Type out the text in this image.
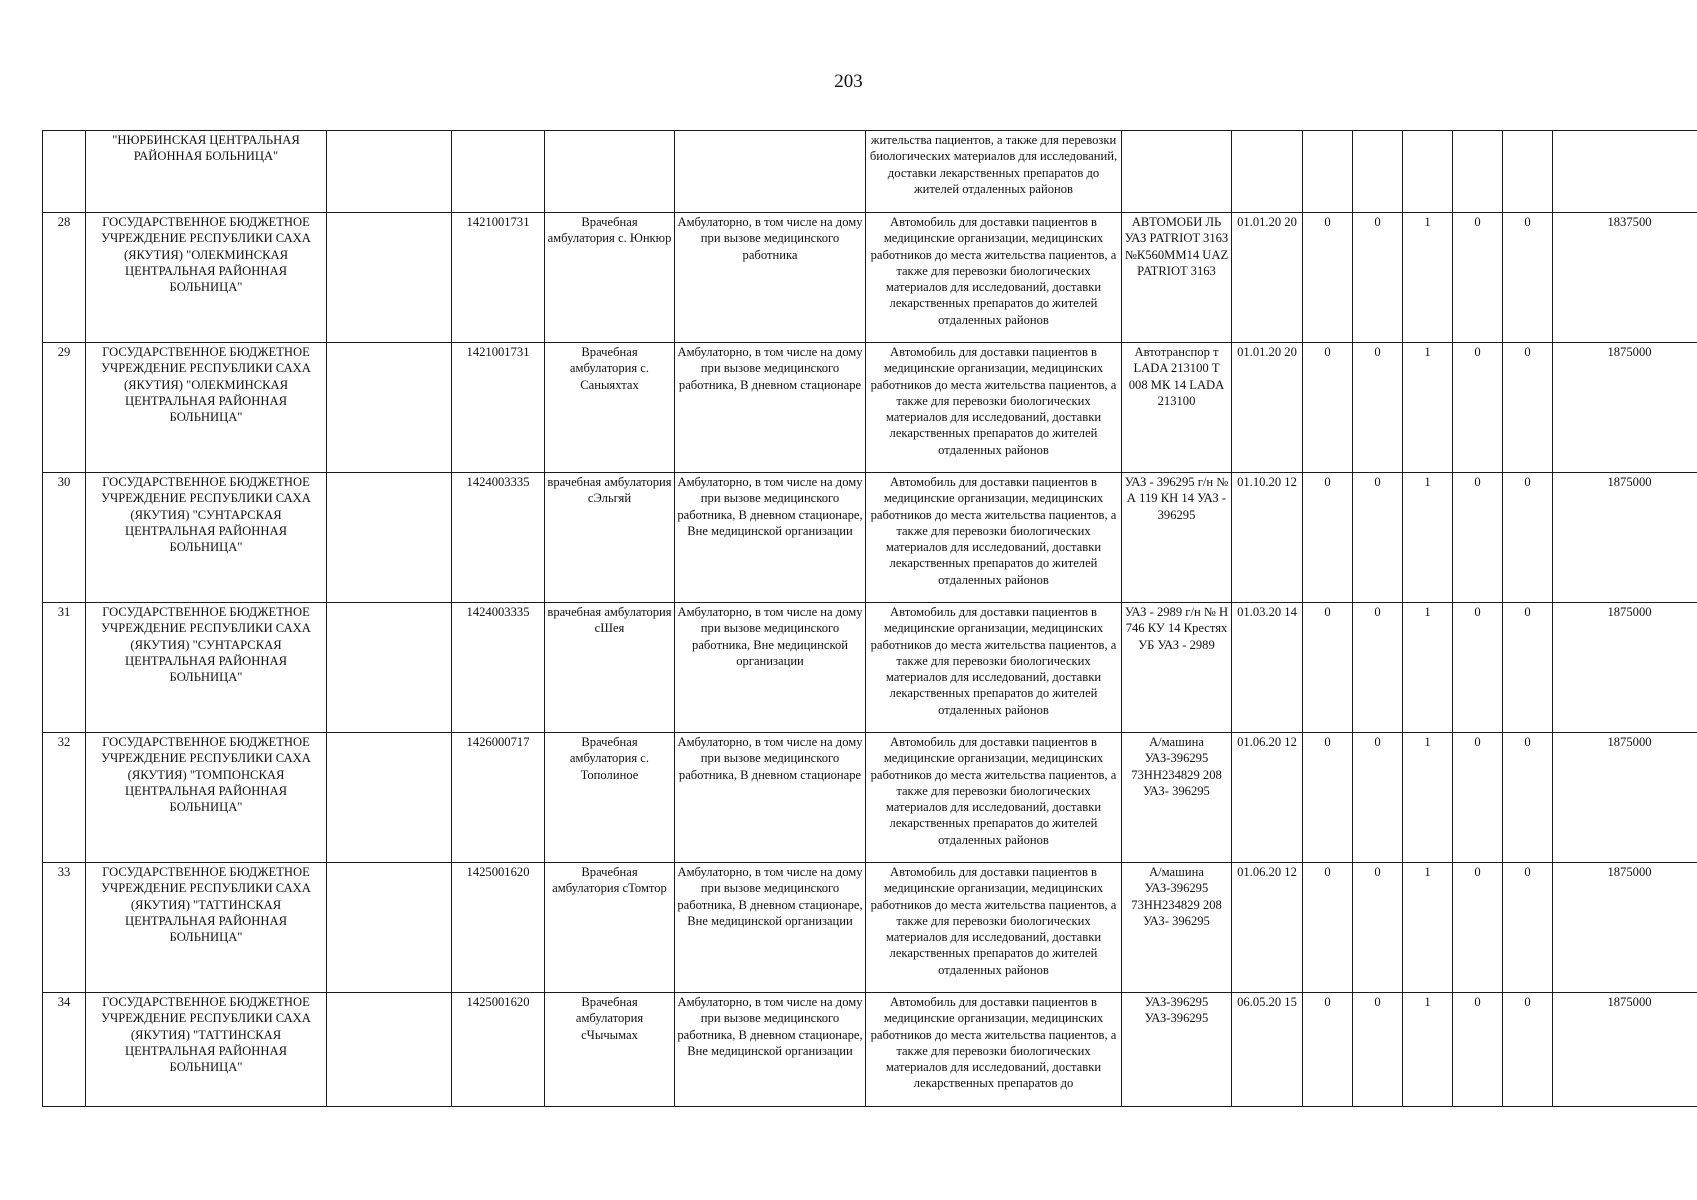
203
	"НЮРБИНСКАЯ ЦЕНТРАЛЬНАЯ РАЙОННАЯ БОЛЬНИЦА"					жительства пациентов, а также для перевозки биологических материалов для исследований, доставки лекарственных препаратов до жителей отдаленных районов								
28	ГОСУДАРСТВЕННОЕ БЮДЖЕТНОЕ УЧРЕЖДЕНИЕ РЕСПУБЛИКИ САХА (ЯКУТИЯ) "ОЛЕКМИНСКАЯ ЦЕНТРАЛЬНАЯ РАЙОННАЯ БОЛЬНИЦА"		1421001731	Врачебная амбулатория с. Юнкюр	Амбулаторно, в том числе на дому при вызове медицинского работника	Автомобиль для доставки пациентов в медицинские организации, медицинских работников до места жительства пациентов, а также для перевозки биологических материалов для исследований, доставки лекарственных препаратов до жителей отдаленных районов	АВТОМОБИ ЛЬ УАЗ PATRIOT 3163 №К560ММ14 UAZ PATRIOT 3163	01.01.20 20	0	0	1	0	0	1837500
29	ГОСУДАРСТВЕННОЕ БЮДЖЕТНОЕ УЧРЕЖДЕНИЕ РЕСПУБЛИКИ САХА (ЯКУТИЯ) "ОЛЕКМИНСКАЯ ЦЕНТРАЛЬНАЯ РАЙОННАЯ БОЛЬНИЦА"		1421001731	Врачебная амбулатория с. Саныяхтах	Амбулаторно, в том числе на дому при вызове медицинского работника, В дневном стационаре	Автомобиль для доставки пациентов в медицинские организации, медицинских работников до места жительства пациентов, а также для перевозки биологических материалов для исследований, доставки лекарственных препаратов до жителей отдаленных районов	Автотранспор т LADA 213100 Т 008 МК 14 LADA 213100	01.01.20 20	0	0	1	0	0	1875000
30	ГОСУДАРСТВЕННОЕ БЮДЖЕТНОЕ УЧРЕЖДЕНИЕ РЕСПУБЛИКИ САХА (ЯКУТИЯ) "СУНТАРСКАЯ ЦЕНТРАЛЬНАЯ РАЙОННАЯ БОЛЬНИЦА"		1424003335	врачебная амбулатория сЭльгяй	Амбулаторно, в том числе на дому при вызове медицинского работника, В дневном стационаре, Вне медицинской организации	Автомобиль для доставки пациентов в медицинские организации, медицинских работников до места жительства пациентов, а также для перевозки биологических материалов для исследований, доставки лекарственных препаратов до жителей отдаленных районов	УАЗ - 396295 г/н № А 119 КН 14 УАЗ - 396295	01.10.20 12	0	0	1	0	0	1875000
31	ГОСУДАРСТВЕННОЕ БЮДЖЕТНОЕ УЧРЕЖДЕНИЕ РЕСПУБЛИКИ САХА (ЯКУТИЯ) "СУНТАРСКАЯ ЦЕНТРАЛЬНАЯ РАЙОННАЯ БОЛЬНИЦА"		1424003335	врачебная амбулатория сШея	Амбулаторно, в том числе на дому при вызове медицинского работника, Вне медицинской организации	Автомобиль для доставки пациентов в медицинские организации, медицинских работников до места жительства пациентов, а также для перевозки биологических материалов для исследований, доставки лекарственных препаратов до жителей отдаленных районов	УАЗ - 2989 г/н № Н 746 КУ 14 Крестях УБ УАЗ - 2989	01.03.20 14	0	0	1	0	0	1875000
32	ГОСУДАРСТВЕННОЕ БЮДЖЕТНОЕ УЧРЕЖДЕНИЕ РЕСПУБЛИКИ САХА (ЯКУТИЯ) "ТОМПОНСКАЯ ЦЕНТРАЛЬНАЯ РАЙОННАЯ БОЛЬНИЦА"		1426000717	Врачебная амбулатория с. Тополиное	Амбулаторно, в том числе на дому при вызове медицинского работника, В дневном стационаре	Автомобиль для доставки пациентов в медицинские организации, медицинских работников до места жительства пациентов, а также для перевозки биологических материалов для исследований, доставки лекарственных препаратов до жителей отдаленных районов	А/машина УАЗ-396295 73НН234829 208 УАЗ- 396295	01.06.20 12	0	0	1	0	0	1875000
33	ГОСУДАРСТВЕННОЕ БЮДЖЕТНОЕ УЧРЕЖДЕНИЕ РЕСПУБЛИКИ САХА (ЯКУТИЯ) "ТАТТИНСКАЯ ЦЕНТРАЛЬНАЯ РАЙОННАЯ БОЛЬНИЦА"		1425001620	Врачебная амбулатория сТомтор	Амбулаторно, в том числе на дому при вызове медицинского работника, В дневном стационаре, Вне медицинской организации	Автомобиль для доставки пациентов в медицинские организации, медицинских работников до места жительства пациентов, а также для перевозки биологических материалов для исследований, доставки лекарственных препаратов до жителей отдаленных районов	А/машина УАЗ-396295 73НН234829 208 УАЗ- 396295	01.06.20 12	0	0	1	0	0	1875000
34	ГОСУДАРСТВЕННОЕ БЮДЖЕТНОЕ УЧРЕЖДЕНИЕ РЕСПУБЛИКИ САХА (ЯКУТИЯ) "ТАТТИНСКАЯ ЦЕНТРАЛЬНАЯ РАЙОННАЯ БОЛЬНИЦА"		1425001620	Врачебная амбулатория сЧычымах	Амбулаторно, в том числе на дому при вызове медицинского работника, В дневном стационаре, Вне медицинской организации	Автомобиль для доставки пациентов в медицинские организации, медицинских работников до места жительства пациентов, а также для перевозки биологических материалов для исследований, доставки лекарственных препаратов до	УАЗ-396295 УАЗ-396295	06.05.20 15	0	0	1	0	0	1875000
